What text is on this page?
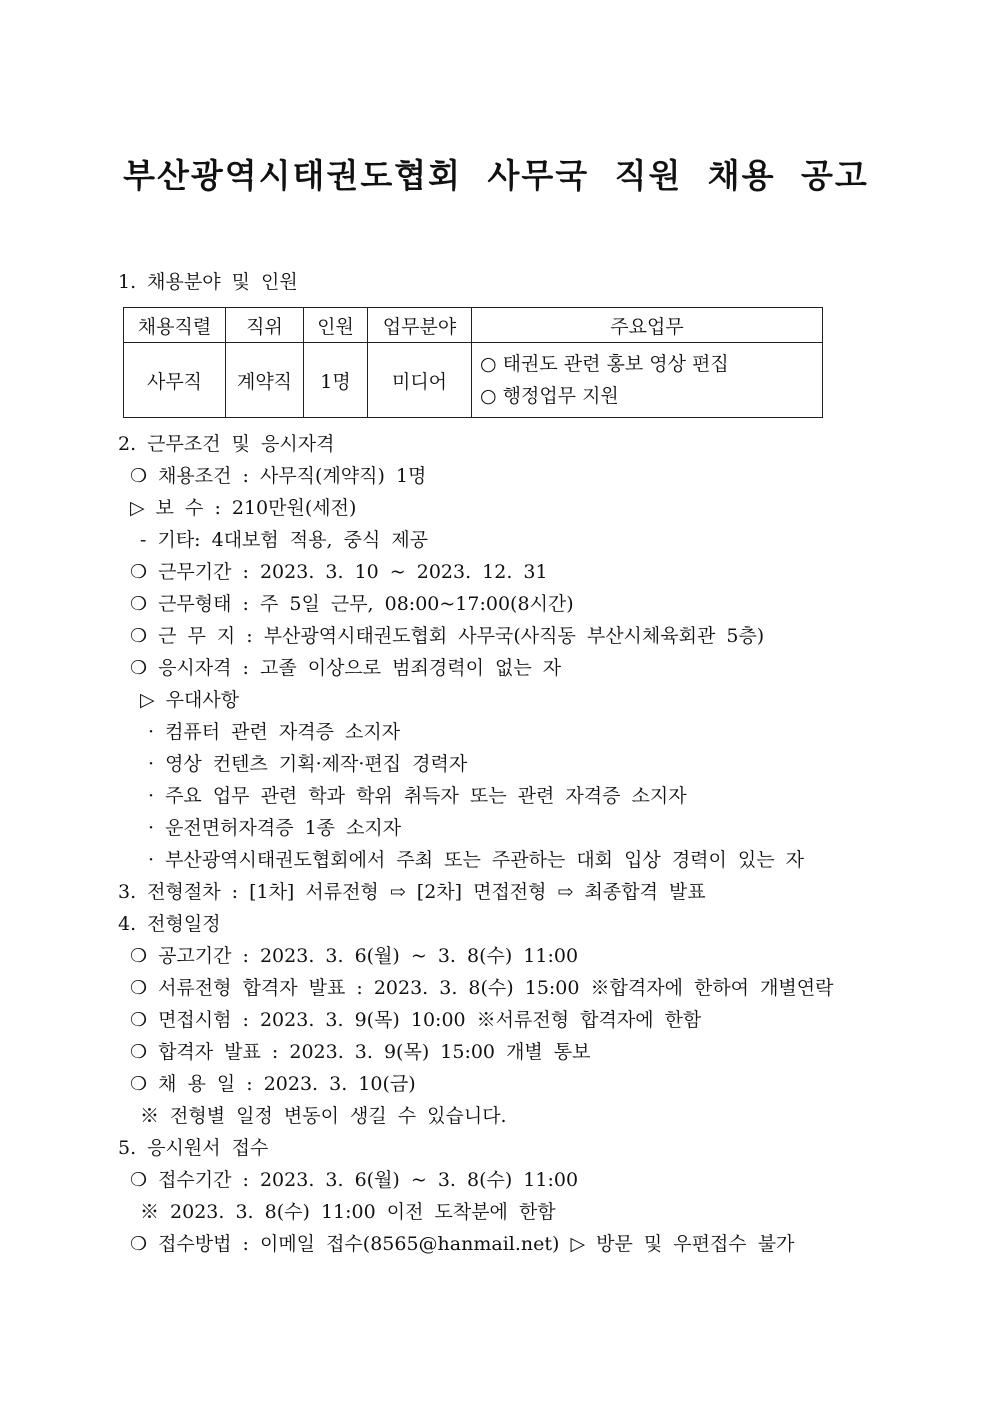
부산광역시태권도협회 사무국 직원 채용 공고
1. 채용분야 및 인원
채용직렬	직위	인원	업무분야	주요업무
사무직	계약직	1명	미디어	○ 태권도 관련 홍보 영상 편집
○ 행정업무 지원
2. 근무조건 및 응시자격
❍ 채용조건 : 사무직(계약직) 1명
▷ 보 수 : 210만원(세전)
- 기타: 4대보험 적용, 중식 제공
❍ 근무기간 : 2023. 3. 10 ~ 2023. 12. 31
❍ 근무형태 : 주 5일 근무, 08:00~17:00(8시간)
❍ 근 무 지 : 부산광역시태권도협회 사무국(사직동 부산시체육회관 5층)
❍ 응시자격 : 고졸 이상으로 범죄경력이 없는 자
▷ 우대사항
· 컴퓨터 관련 자격증 소지자
· 영상 컨텐츠 기획·제작·편집 경력자
· 주요 업무 관련 학과 학위 취득자 또는 관련 자격증 소지자
· 운전면허자격증 1종 소지자
· 부산광역시태권도협회에서 주최 또는 주관하는 대회 입상 경력이 있는 자
3. 전형절차 : [1차] 서류전형 ⇨ [2차] 면접전형 ⇨ 최종합격 발표
4. 전형일정
❍ 공고기간 : 2023. 3. 6(월) ~ 3. 8(수) 11:00
❍ 서류전형 합격자 발표 : 2023. 3. 8(수) 15:00 ※합격자에 한하여 개별연락
❍ 면접시험 : 2023. 3. 9(목) 10:00 ※서류전형 합격자에 한함
❍ 합격자 발표 : 2023. 3. 9(목) 15:00 개별 통보
❍ 채 용 일 : 2023. 3. 10(금)
※ 전형별 일정 변동이 생길 수 있습니다.
5. 응시원서 접수
❍ 접수기간 : 2023. 3. 6(월) ~ 3. 8(수) 11:00
※ 2023. 3. 8(수) 11:00 이전 도착분에 한함
❍ 접수방법 : 이메일 접수(8565@hanmail.net) ▷ 방문 및 우편접수 불가
